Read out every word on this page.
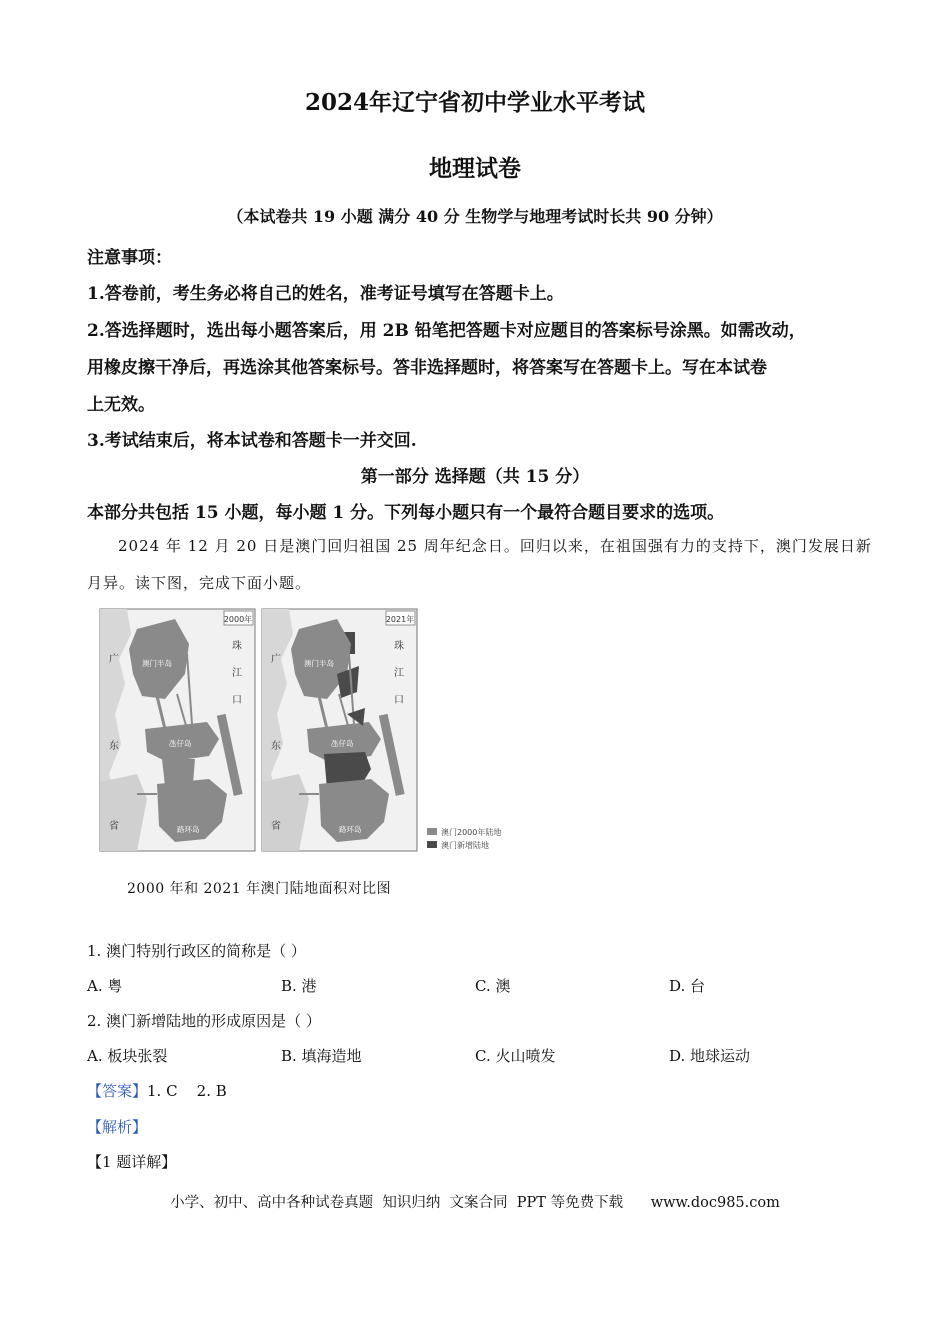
2024年辽宁省初中学业水平考试
地理试卷
（本试卷共 19 小题 满分 40 分 生物学与地理考试时长共 90 分钟）
注意事项：
1.答卷前，考生务必将自己的姓名，准考证号填写在答题卡上。
2.答选择题时，选出每小题答案后，用 2B 铅笔把答题卡对应题目的答案标号涂黑。如需改动，
用橡皮擦干净后，再选涂其他答案标号。答非选择题时，将答案写在答题卡上。写在本试卷
上无效。
3.考试结束后，将本试卷和答题卡一并交回.
第一部分 选择题（共 15 分）
本部分共包括 15 小题，每小题 1 分。下列每小题只有一个最符合题目要求的选项。
2024 年 12 月 20 日是澳门回归祖国 25 周年纪念日。回归以来，在祖国强有力的支持下，澳门发展日新
月异。读下图，完成下面小题。
2000年
广
东
省
珠
江
口
澳门半岛
氹仔岛
路环岛
2021年
广
东
省
珠
江
口
澳门半岛
氹仔岛
路环岛	澳门2000年陆地
澳门新增陆地
2000 年和 2021 年澳门陆地面积对比图
1. 澳门特别行政区的简称是（ ）
A. 粤	B. 港	C. 澳	D. 台
2. 澳门新增陆地的形成原因是（ ）
A. 板块张裂	B. 填海造地	C. 火山喷发	D. 地球运动
【答案】1. C    2. B
【解析】
【1 题详解】
小学、初中、高中各种试卷真题  知识归纳  文案合同  PPT 等免费下载      www.doc985.com
